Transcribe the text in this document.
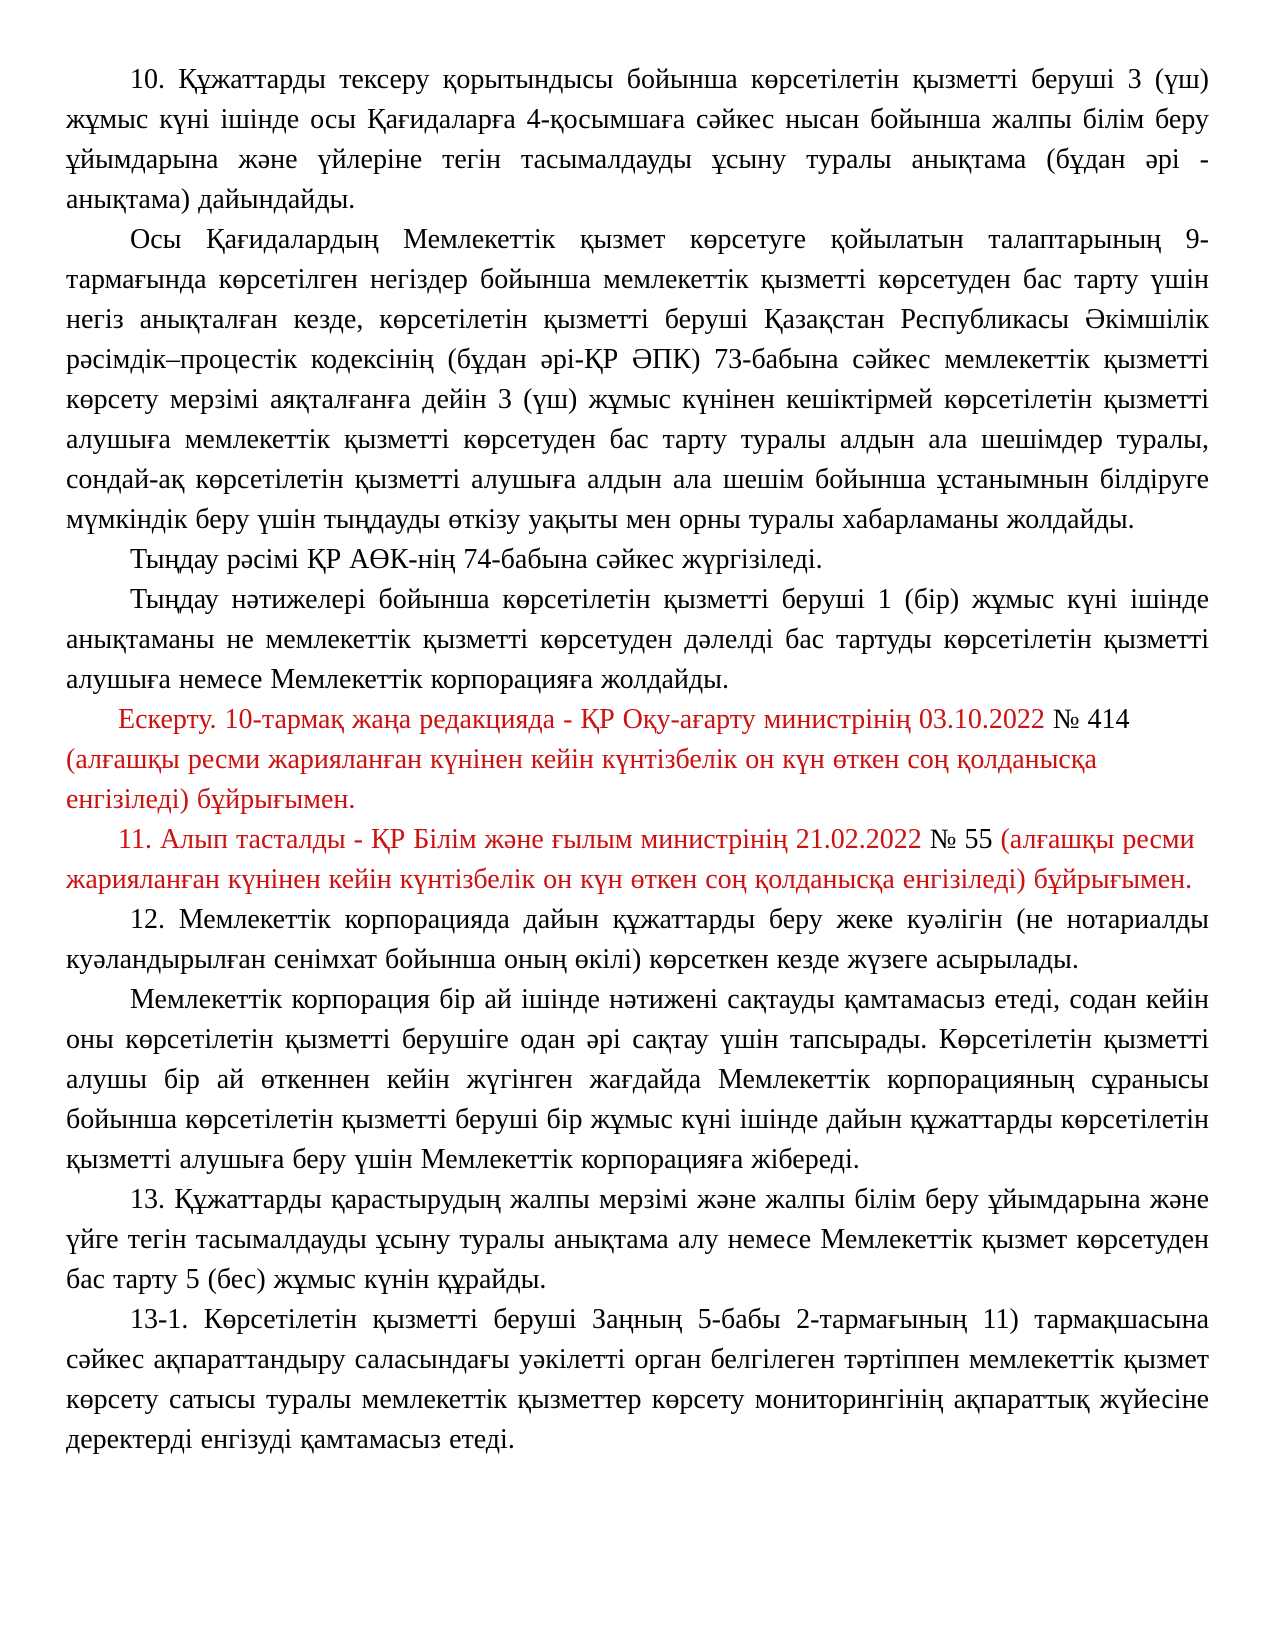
10. Құжаттарды тексеру қорытындысы бойынша көрсетілетін қызметті беруші 3 (үш) жұмыс күні ішінде осы Қағидаларға 4-қосымшаға сәйкес нысан бойынша жалпы білім беру ұйымдарына және үйлеріне тегін тасымалдауды ұсыну туралы анықтама (бұдан әрі - анықтама) дайындайды.

Осы Қағидалардың Мемлекеттік қызмет көрсетуге қойылатын талаптарының 9-тармағында көрсетілген негіздер бойынша мемлекеттік қызметті көрсетуден бас тарту үшін негіз анықталған кезде, көрсетілетін қызметті беруші Қазақстан Республикасы Әкімшілік рәсімдік–процестік кодексінің (бұдан әрі-ҚР ӘПК) 73-бабына сәйкес мемлекеттік қызметті көрсету мерзімі аяқталғанға дейін 3 (үш) жұмыс күнінен кешіктірмей көрсетілетін қызметті алушыға мемлекеттік қызметті көрсетуден бас тарту туралы алдын ала шешімдер туралы, сондай-ақ көрсетілетін қызметті алушыға алдын ала шешім бойынша ұстанымнын білдіруге мүмкіндік беру үшін тыңдауды өткізу уақыты мен орны туралы хабарламаны жолдайды.

Тыңдау рәсімі ҚР АӨК-нің 74-бабына сәйкес жүргізіледі.

Тыңдау нәтижелері бойынша көрсетілетін қызметті беруші 1 (бір) жұмыс күні ішінде анықтаманы не мемлекеттік қызметті көрсетуден дәлелді бас тартуды көрсетілетін қызметті алушыға немесе Мемлекеттік корпорацияға жолдайды.

Ескерту. 10-тармақ жаңа редакцияда - ҚР Оқу-ағарту министрінің 03.10.2022 № 414 (алғашқы ресми жарияланған күнінен кейін күнтізбелік он күн өткен соң қолданысқа енгізіледі) бұйрығымен.

11. Алып тасталды - ҚР Білім және ғылым министрінің 21.02.2022 № 55 (алғашқы ресми жарияланған күнінен кейін күнтізбелік он күн өткен соң қолданысқа енгізіледі) бұйрығымен.

12. Мемлекеттік корпорацияда дайын құжаттарды беру жеке куәлігін (не нотариалды куәландырылған сенімхат бойынша оның өкілі) көрсеткен кезде жүзеге асырылады.

Мемлекеттік корпорация бір ай ішінде нәтижені сақтауды қамтамасыз етеді, содан кейін оны көрсетілетін қызметті берушіге одан әрі сақтау үшін тапсырады. Көрсетілетін қызметті алушы бір ай өткеннен кейін жүгінген жағдайда Мемлекеттік корпорацияның сұранысы бойынша көрсетілетін қызметті беруші бір жұмыс күні ішінде дайын құжаттарды көрсетілетін қызметті алушыға беру үшін Мемлекеттік корпорацияға жібереді.

13. Құжаттарды қарастырудың жалпы мерзімі және жалпы білім беру ұйымдарына және үйге тегін тасымалдауды ұсыну туралы анықтама алу немесе Мемлекеттік қызмет көрсетуден бас тарту 5 (бес) жұмыс күнін құрайды.

13-1. Көрсетілетін қызметті беруші Заңның 5-бабы 2-тармағының 11) тармақшасына сәйкес ақпараттандыру саласындағы уәкілетті орган белгілеген тәртіппен мемлекеттік қызмет көрсету сатысы туралы мемлекеттік қызметтер көрсету мониторингінің ақпараттық жүйесіне деректерді енгізуді қамтамасыз етеді.
